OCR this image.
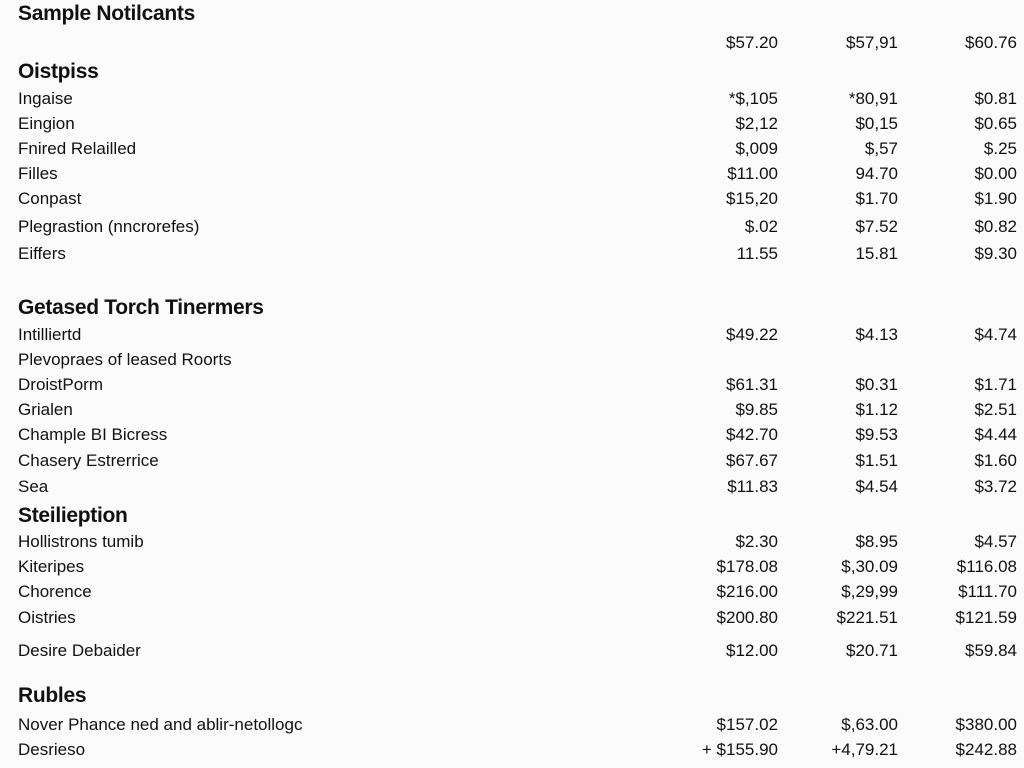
Sample Notilcants
$57.20	$57,91	$60.76
Oistpiss
Ingaise	*$,105	*80,91	$0.81
Eingion	$2,12	$0,15	$0.65
Fnired Relailled	$,009	$,57	$.25
Filles	$11.00	94.70	$0.00
Conpast	$15,20	$1.70	$1.90
Plegrastion (nncrorefes)	$.02	$7.52	$0.82
Eiffers	11.55	15.81	$9.30
Getased Torch Tinermers
Intilliertd	$49.22	$4.13	$4.74
Plevopraes of leased Roorts
DroistPorm	$61.31	$0.31	$1.71
Grialen	$9.85	$1.12	$2.51
Chample BI Bicress	$42.70	$9.53	$4.44
Chasery Estrerrice	$67.67	$1.51	$1.60
Sea	$11.83	$4.54	$3.72
Steilieption
Hollistrons tumib	$2.30	$8.95	$4.57
Kiteripes	$178.08	$,30.09	$116.08
Chorence	$216.00	$,29,99	$111.70
Oistries	$200.80	$221.51	$121.59
Desire Debaider	$12.00	$20.71	$59.84
Rubles
Nover Phance ned and ablir-netollogc	$157.02	$,63.00	$380.00
Desrieso	+ $155.90	+4,79.21	$242.88
